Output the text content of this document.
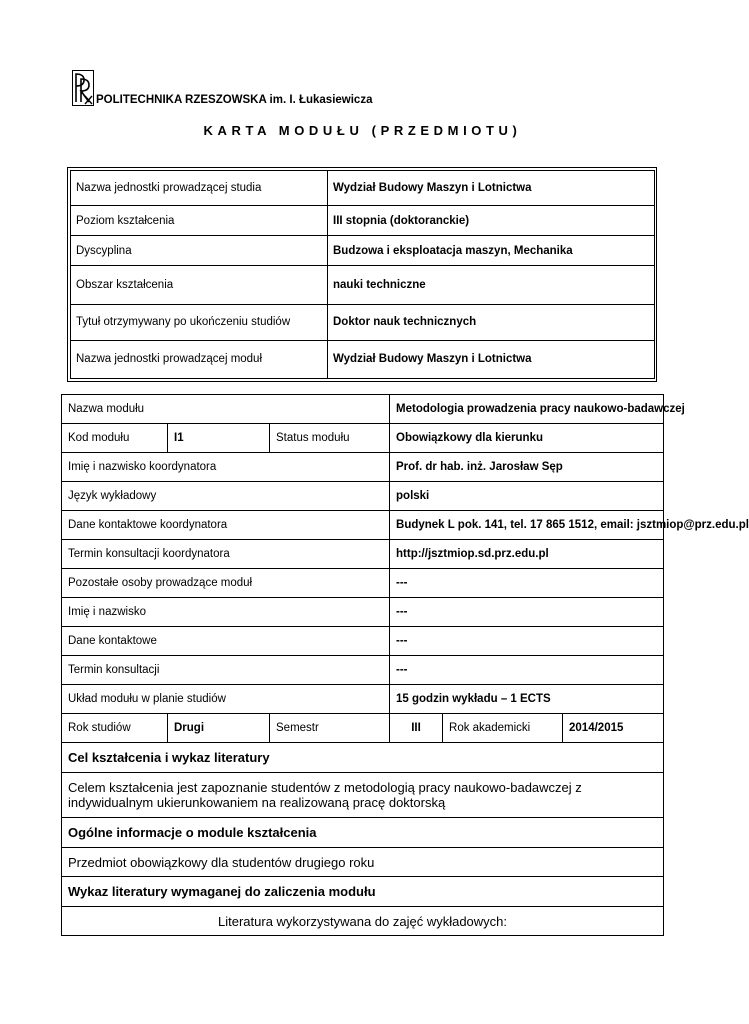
POLITECHNIKA RZESZOWSKA im. I. Łukasiewicza
KARTA MODUŁU (PRZEDMIOTU)
Nazwa jednostki prowadzącej studia	Wydział Budowy Maszyn i Lotnictwa
Poziom kształcenia	III stopnia (doktoranckie)
Dyscyplina	Budzowa i eksploatacja maszyn, Mechanika
Obszar kształcenia	nauki techniczne
Tytuł otrzymywany po ukończeniu studiów	Doktor nauk technicznych
Nazwa jednostki prowadzącej moduł	Wydział Budowy Maszyn i Lotnictwa
Nazwa modułu			Metodologia prowadzenia pracy naukowo-badawczej		
Kod modułu	I1	Status modułu	Obowiązkowy dla kierunku		
Imię i nazwisko koordynatora			Prof. dr hab. inż. Jarosław Sęp		
Język wykładowy			polski		
Dane kontaktowe koordynatora			Budynek L pok. 141, tel. 17 865 1512, email: jsztmiop@prz.edu.pl		
Termin konsultacji koordynatora			http://jsztmiop.sd.prz.edu.pl		
Pozostałe osoby prowadzące moduł			---		
Imię i nazwisko			---		
Dane kontaktowe			---		
Termin konsultacji			---		
Układ modułu w planie studiów			15 godzin wykładu – 1 ECTS		
Rok studiów	Drugi	Semestr	III	Rok akademicki	2014/2015
Cel kształcenia i wykaz literatury					
Celem kształcenia jest zapoznanie studentów z metodologią pracy naukowo-badawczej z indywidualnym ukierunkowaniem na realizowaną pracę doktorską					
Ogólne informacje o module kształcenia					
Przedmiot obowiązkowy dla studentów drugiego roku					
Wykaz literatury wymaganej do zaliczenia modułu					
Literatura wykorzystywana do zajęć wykładowych:					
